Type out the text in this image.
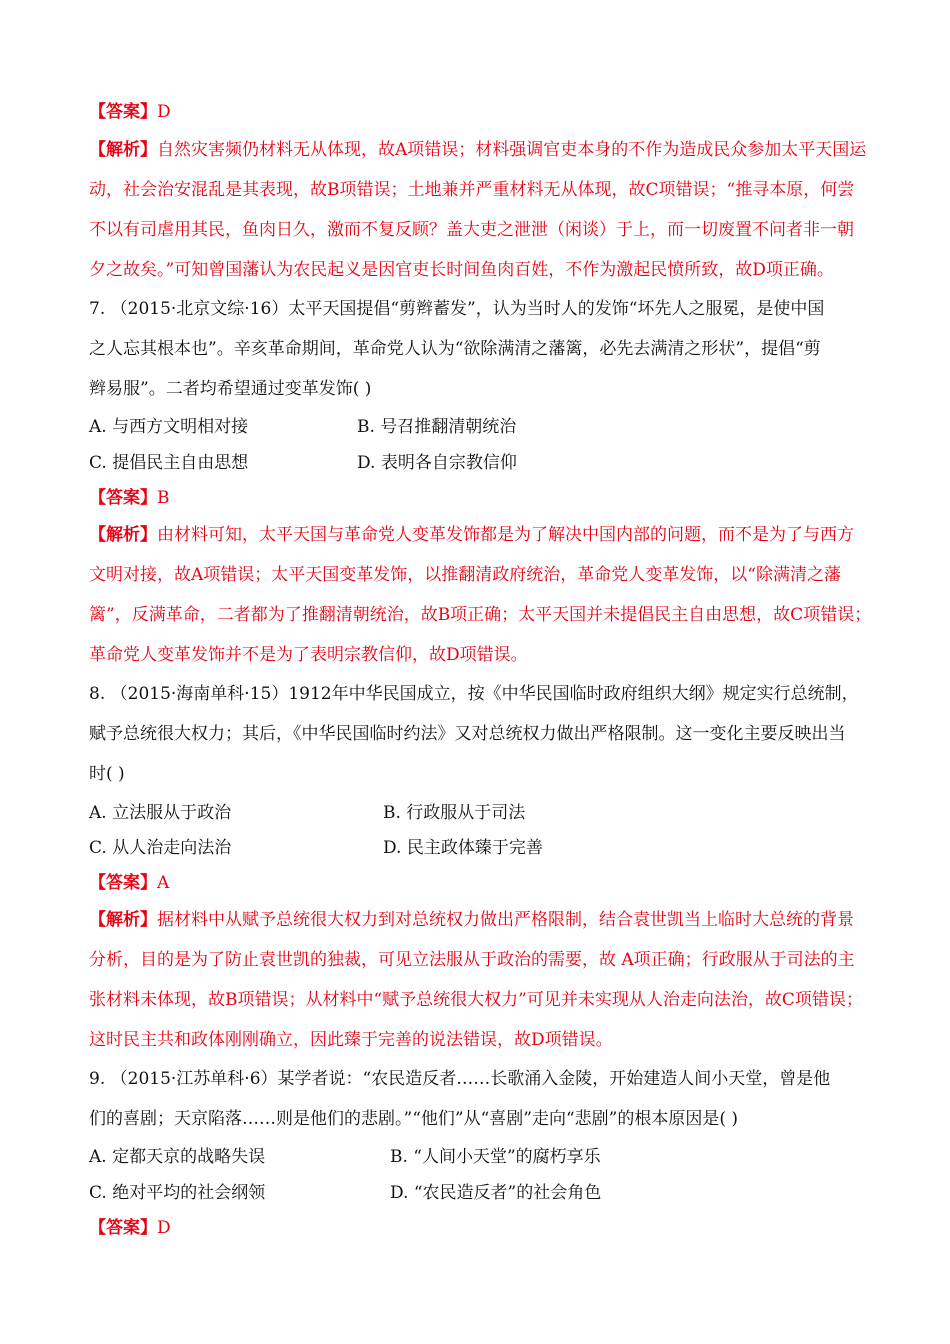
【答案】D
【解析】自然灾害频仍材料无从体现，故A项错误；材料强调官吏本身的不作为造成民众参加太平天国运
动，社会治安混乱是其表现，故B项错误；土地兼并严重材料无从体现，故C项错误；“推寻本原，何尝
不以有司虐用其民，鱼肉日久，激而不复反顾？盖大吏之泄泄（闲谈）于上，而一切废置不问者非一朝
夕之故矣。”可知曾国藩认为农民起义是因官吏长时间鱼肉百姓，不作为激起民愤所致，故D项正确。
7. （2015·北京文综·16）太平天国提倡“剪辫蓄发”，认为当时人的发饰“坏先人之服冕，是使中国
之人忘其根本也”。辛亥革命期间，革命党人认为“欲除满清之藩篱，必先去满清之形状”，提倡“剪
辫易服”。二者均希望通过变革发饰( )
A. 与西方文明相对接	B. 号召推翻清朝统治
C. 提倡民主自由思想	D. 表明各自宗教信仰
【答案】B
【解析】由材料可知，太平天国与革命党人变革发饰都是为了解决中国内部的问题，而不是为了与西方
文明对接，故A项错误；太平天国变革发饰，以推翻清政府统治，革命党人变革发饰，以“除满清之藩
篱”，反满革命，二者都为了推翻清朝统治，故B项正确；太平天国并未提倡民主自由思想，故C项错误；
革命党人变革发饰并不是为了表明宗教信仰，故D项错误。
8. （2015·海南单科·15）1912年中华民国成立，按《中华民国临时政府组织大纲》规定实行总统制，
赋予总统很大权力；其后，《中华民国临时约法》又对总统权力做出严格限制。这一变化主要反映出当
时( )
A. 立法服从于政治	B. 行政服从于司法
C. 从人治走向法治	D. 民主政体臻于完善
【答案】A
【解析】据材料中从赋予总统很大权力到对总统权力做出严格限制，结合袁世凯当上临时大总统的背景
分析，目的是为了防止袁世凯的独裁，可见立法服从于政治的需要，故 A项正确；行政服从于司法的主
张材料未体现，故B项错误；从材料中“赋予总统很大权力”可见并未实现从人治走向法治，故C项错误；
这时民主共和政体刚刚确立，因此臻于完善的说法错误，故D项错误。
9. （2015·江苏单科·6）某学者说：“农民造反者……长歌涌入金陵，开始建造人间小天堂，曾是他
们的喜剧；天京陷落……则是他们的悲剧。”“他们”从“喜剧”走向“悲剧”的根本原因是( )
A. 定都天京的战略失误	B. “人间小天堂”的腐朽享乐
C. 绝对平均的社会纲领	D. “农民造反者”的社会角色
【答案】D
